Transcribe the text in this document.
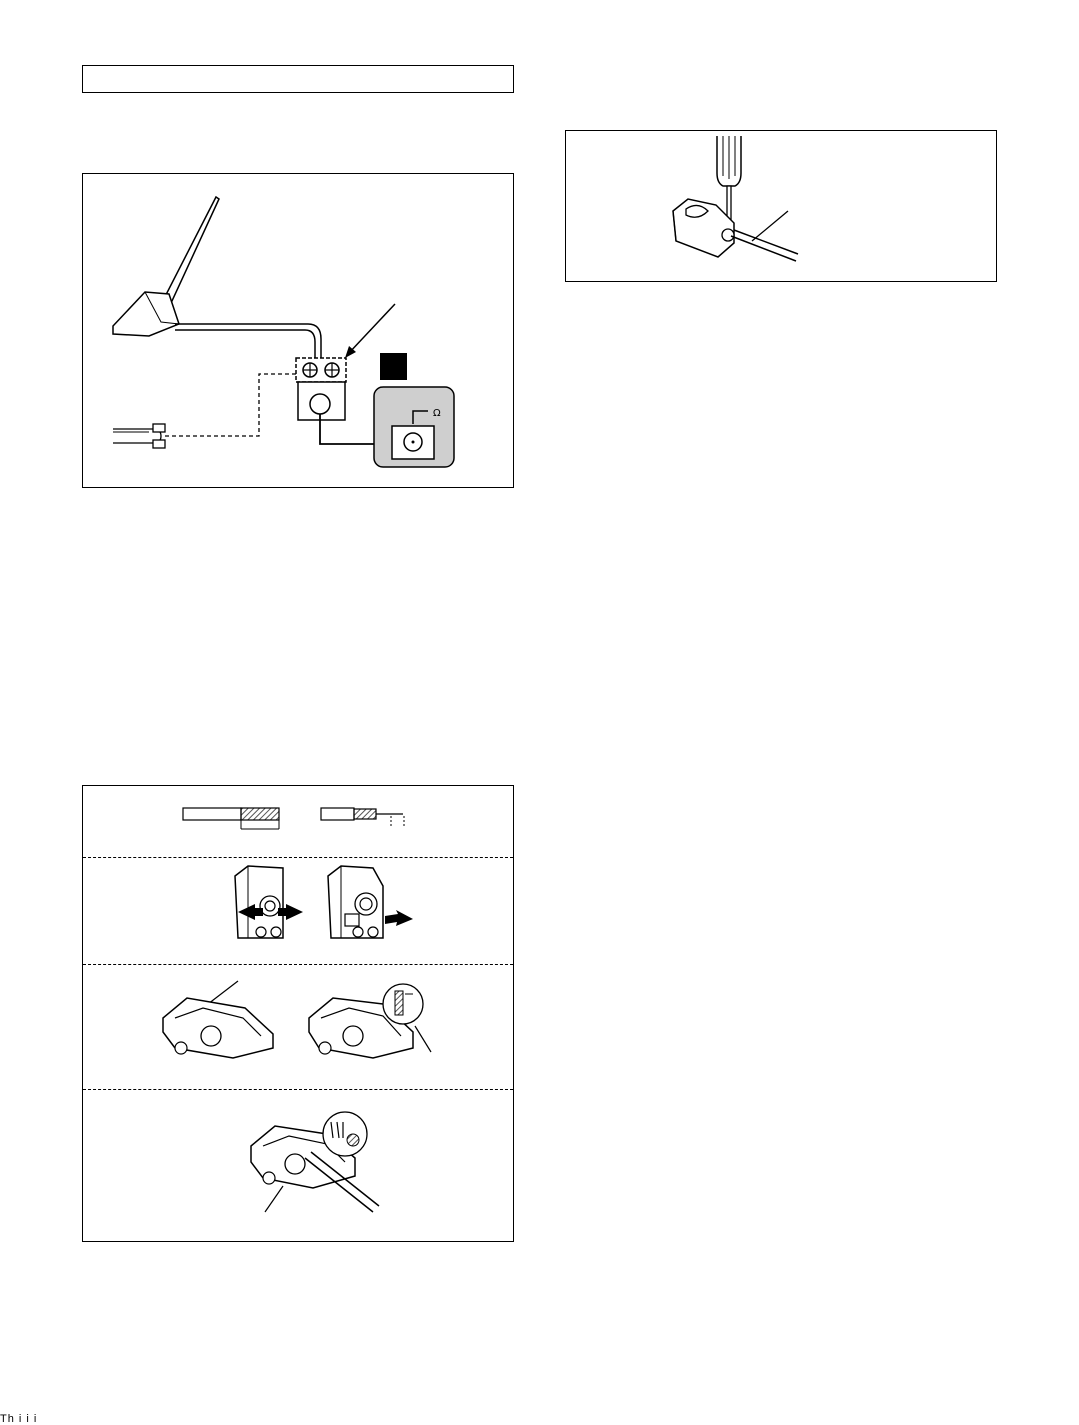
Ω
Th i i i
